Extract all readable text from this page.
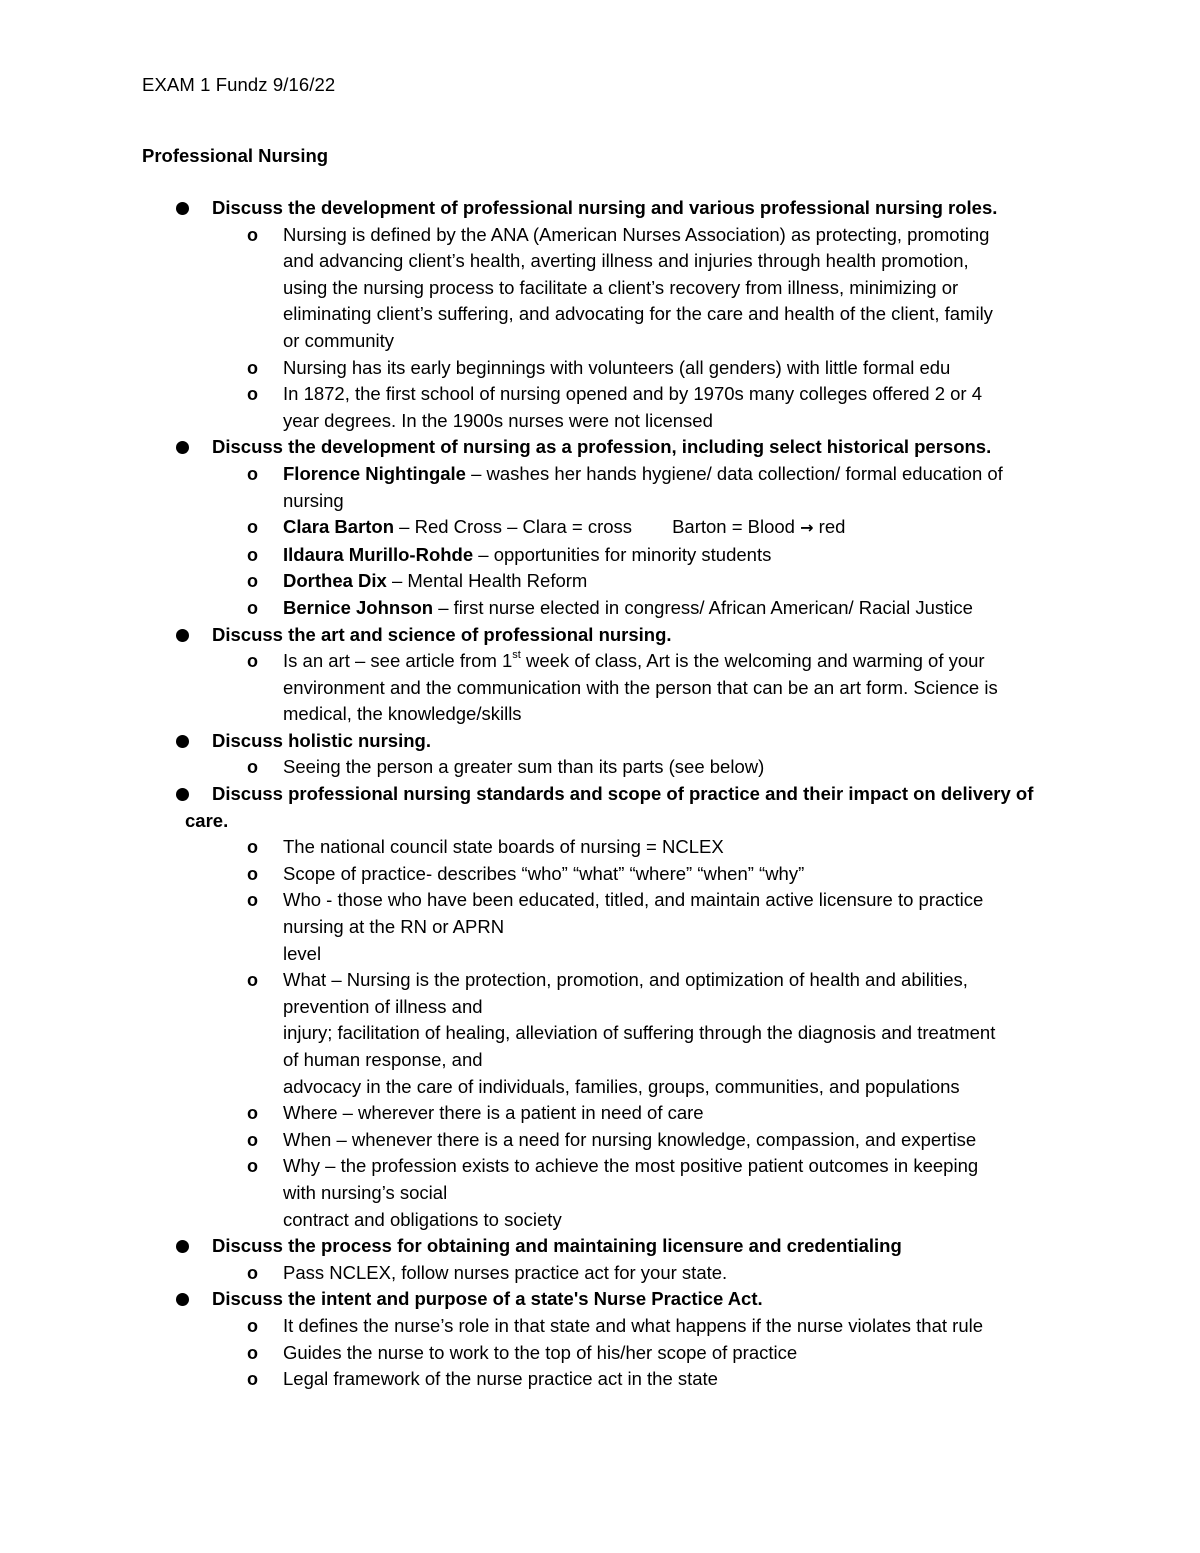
EXAM 1 Fundz 9/16/22
Professional Nursing
Discuss the development of professional nursing and various professional nursing roles.
o Nursing is defined by the ANA (American Nurses Association) as protecting, promoting
and advancing client’s health, averting illness and injuries through health promotion,
using the nursing process to facilitate a client’s recovery from illness, minimizing or
eliminating client’s suffering, and advocating for the care and health of the client, family
or community
o Nursing has its early beginnings with volunteers (all genders) with little formal edu
o In 1872, the first school of nursing opened and by 1970s many colleges offered 2 or 4
year degrees. In the 1900s nurses were not licensed
Discuss the development of nursing as a profession, including select historical persons.
o Florence Nightingale – washes her hands hygiene/ data collection/ formal education of
nursing
o Clara Barton – Red Cross – Clara = cross Barton = Blood → red
o Ildaura Murillo-Rohde – opportunities for minority students
o Dorthea Dix – Mental Health Reform
o Bernice Johnson – first nurse elected in congress/ African American/ Racial Justice
Discuss the art and science of professional nursing.
o Is an art – see article from 1st week of class, Art is the welcoming and warming of your
environment and the communication with the person that can be an art form. Science is
medical, the knowledge/skills
Discuss holistic nursing.
o Seeing the person a greater sum than its parts (see below)
Discuss professional nursing standards and scope of practice and their impact on delivery of
care.
o The national council state boards of nursing = NCLEX
o Scope of practice- describes “who” “what” “where” “when” “why”
o Who - those who have been educated, titled, and maintain active licensure to practice
nursing at the RN or APRN
level
o What – Nursing is the protection, promotion, and optimization of health and abilities,
prevention of illness and
injury; facilitation of healing, alleviation of suffering through the diagnosis and treatment
of human response, and
advocacy in the care of individuals, families, groups, communities, and populations
o Where – wherever there is a patient in need of care
o When – whenever there is a need for nursing knowledge, compassion, and expertise
o Why – the profession exists to achieve the most positive patient outcomes in keeping
with nursing’s social
contract and obligations to society
Discuss the process for obtaining and maintaining licensure and credentialing
o Pass NCLEX, follow nurses practice act for your state.
Discuss the intent and purpose of a state's Nurse Practice Act.
o It defines the nurse’s role in that state and what happens if the nurse violates that rule
o Guides the nurse to work to the top of his/her scope of practice
o Legal framework of the nurse practice act in the state
